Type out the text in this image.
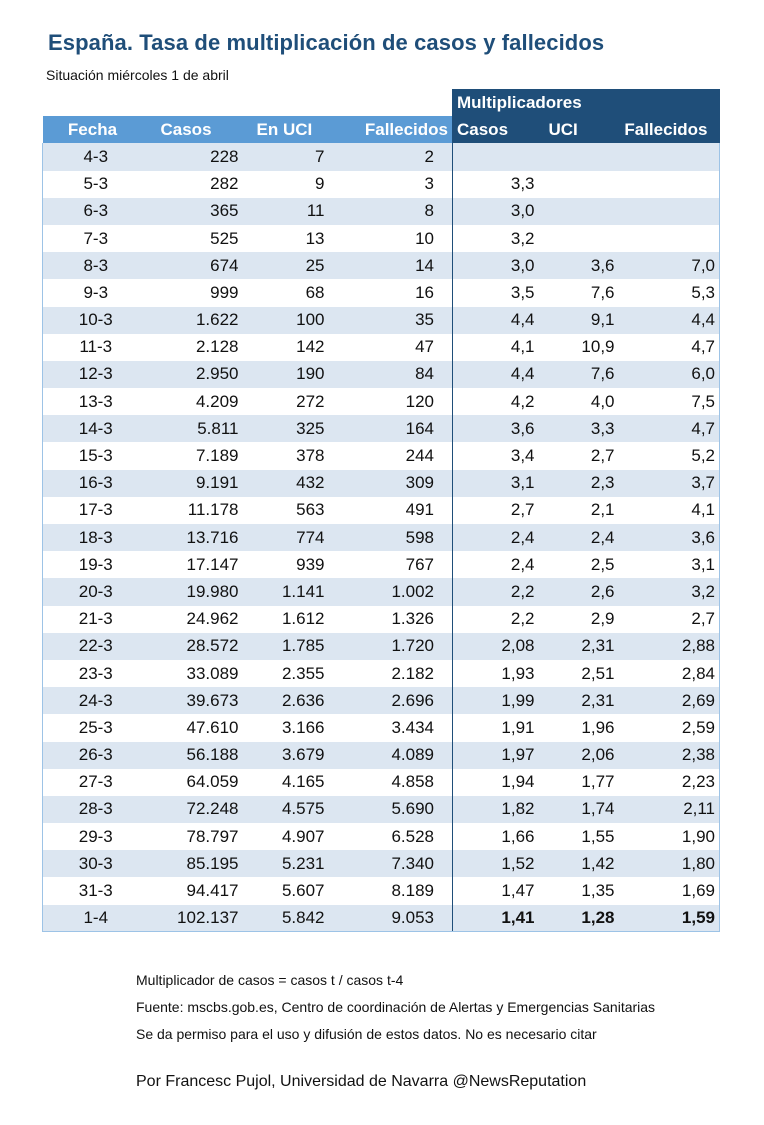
España. Tasa de multiplicación de casos y fallecidos
Situación miércoles 1 de abril
				Multiplicadores		
Fecha	Casos	En UCI	Fallecidos	Casos	UCI	Fallecidos
4-3	228	7	2			
5-3	282	9	3	3,3		
6-3	365	11	8	3,0		
7-3	525	13	10	3,2		
8-3	674	25	14	3,0	3,6	7,0
9-3	999	68	16	3,5	7,6	5,3
10-3	1.622	100	35	4,4	9,1	4,4
11-3	2.128	142	47	4,1	10,9	4,7
12-3	2.950	190	84	4,4	7,6	6,0
13-3	4.209	272	120	4,2	4,0	7,5
14-3	5.811	325	164	3,6	3,3	4,7
15-3	7.189	378	244	3,4	2,7	5,2
16-3	9.191	432	309	3,1	2,3	3,7
17-3	11.178	563	491	2,7	2,1	4,1
18-3	13.716	774	598	2,4	2,4	3,6
19-3	17.147	939	767	2,4	2,5	3,1
20-3	19.980	1.141	1.002	2,2	2,6	3,2
21-3	24.962	1.612	1.326	2,2	2,9	2,7
22-3	28.572	1.785	1.720	2,08	2,31	2,88
23-3	33.089	2.355	2.182	1,93	2,51	2,84
24-3	39.673	2.636	2.696	1,99	2,31	2,69
25-3	47.610	3.166	3.434	1,91	1,96	2,59
26-3	56.188	3.679	4.089	1,97	2,06	2,38
27-3	64.059	4.165	4.858	1,94	1,77	2,23
28-3	72.248	4.575	5.690	1,82	1,74	2,11
29-3	78.797	4.907	6.528	1,66	1,55	1,90
30-3	85.195	5.231	7.340	1,52	1,42	1,80
31-3	94.417	5.607	8.189	1,47	1,35	1,69
1-4	102.137	5.842	9.053	1,41	1,28	1,59
Multiplicador de casos = casos t / casos t-4
Fuente: mscbs.gob.es, Centro de coordinación de Alertas y Emergencias Sanitarias
Se da permiso para el uso y difusión de estos datos. No es necesario citar
Por Francesc Pujol, Universidad de Navarra @NewsReputation
